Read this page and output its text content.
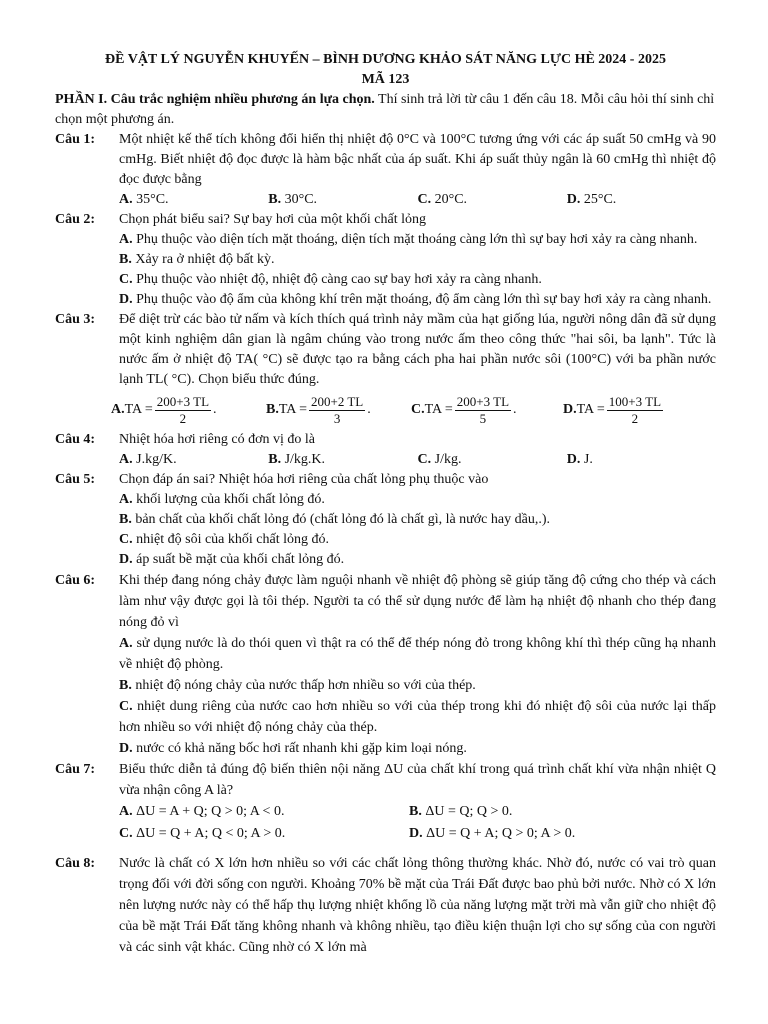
ĐỀ VẬT LÝ NGUYỄN KHUYẾN – BÌNH DƯƠNG KHẢO SÁT NĂNG LỰC HÈ 2024 - 2025
MÃ 123
PHẦN I. Câu trắc nghiệm nhiều phương án lựa chọn. Thí sinh trả lời từ câu 1 đến câu 18. Mỗi câu hỏi thí sinh chỉ chọn một phương án.
Câu 1:	Một nhiệt kế thể tích không đổi hiển thị nhiệt độ 0°C và 100°C tương ứng với các áp suất 50 cmHg và 90 cmHg. Biết nhiệt độ đọc được là hàm bậc nhất của áp suất. Khi áp suất thủy ngân là 60 cmHg thì nhiệt độ đọc được bằng
A. 35°C.	B. 30°C.	C. 20°C.	D. 25°C.
Câu 2:	Chọn phát biểu sai? Sự bay hơi của một khối chất lỏng
A. Phụ thuộc vào diện tích mặt thoáng, diện tích mặt thoáng càng lớn thì sự bay hơi xảy ra càng nhanh.
B. Xảy ra ở nhiệt độ bất kỳ.
C. Phụ thuộc vào nhiệt độ, nhiệt độ càng cao sự bay hơi xảy ra càng nhanh.
D. Phụ thuộc vào độ ẩm của không khí trên mặt thoáng, độ ẩm càng lớn thì sự bay hơi xảy ra càng nhanh.
Câu 3:	Để diệt trừ các bào tử nấm và kích thích quá trình nảy mầm của hạt giống lúa, người nông dân đã sử dụng một kinh nghiệm dân gian là ngâm chúng vào trong nước ấm theo công thức "hai sôi, ba lạnh". Tức là nước ấm ở nhiệt độ TA( °C) sẽ được tạo ra bằng cách pha hai phần nước sôi (100°C) với ba phần nước lạnh TL( °C). Chọn biểu thức đúng.
A. TA = $\frac{200+3 TL}{2}$ .	B. TA = $\frac{200+2 TL}{3}$ .	C. TA = $\frac{200+3 TL}{5}$ .	D. TA = $\frac{100+3 TL}{2}$
Câu 4:	Nhiệt hóa hơi riêng có đơn vị đo là
A. J.kg/K.	B. J/kg.K.	C. J/kg.	D. J.
Câu 5:	Chọn đáp án sai? Nhiệt hóa hơi riêng của chất lỏng phụ thuộc vào
A. khối lượng của khối chất lỏng đó.
B. bản chất của khối chất lỏng đó (chất lỏng đó là chất gì, là nước hay dầu,.).
C. nhiệt độ sôi của khối chất lỏng đó.
D. áp suất bề mặt của khối chất lỏng đó.
Câu 6:	Khi thép đang nóng chảy được làm nguội nhanh về nhiệt độ phòng sẽ giúp tăng độ cứng cho thép và cách làm như vậy được gọi là tôi thép. Người ta có thể sử dụng nước để làm hạ nhiệt độ nhanh cho thép đang nóng đỏ vì
A. sử dụng nước là do thói quen vì thật ra có thể để thép nóng đỏ trong không khí thì thép cũng hạ nhanh về nhiệt độ phòng.
B. nhiệt độ nóng chảy của nước thấp hơn nhiều so với của thép.
C. nhiệt dung riêng của nước cao hơn nhiều so với của thép trong khi đó nhiệt độ sôi của nước lại thấp hơn nhiều so với nhiệt độ nóng chảy của thép.
D. nước có khả năng bốc hơi rất nhanh khi gặp kim loại nóng.
Câu 7:	Biểu thức diễn tả đúng độ biến thiên nội năng ΔU của chất khí trong quá trình chất khí vừa nhận nhiệt Q vừa nhận công A là?
A. ΔU = A + Q; Q > 0; A < 0.	B. ΔU = Q; Q > 0.
C. ΔU = Q + A; Q < 0; A > 0.	D. ΔU = Q + A; Q > 0; A > 0.
Câu 8:	Nước là chất có X lớn hơn nhiều so với các chất lỏng thông thường khác. Nhờ đó, nước có vai trò quan trọng đối với đời sống con người. Khoảng 70% bề mặt của Trái Đất được bao phủ bởi nước. Nhờ có X lớn nên lượng nước này có thể hấp thụ lượng nhiệt khổng lồ của năng lượng mặt trời mà vẫn giữ cho nhiệt độ của bề mặt Trái Đất tăng không nhanh và không nhiều, tạo điều kiện thuận lợi cho sự sống của con người và các sinh vật khác. Cũng nhờ có X lớn mà
